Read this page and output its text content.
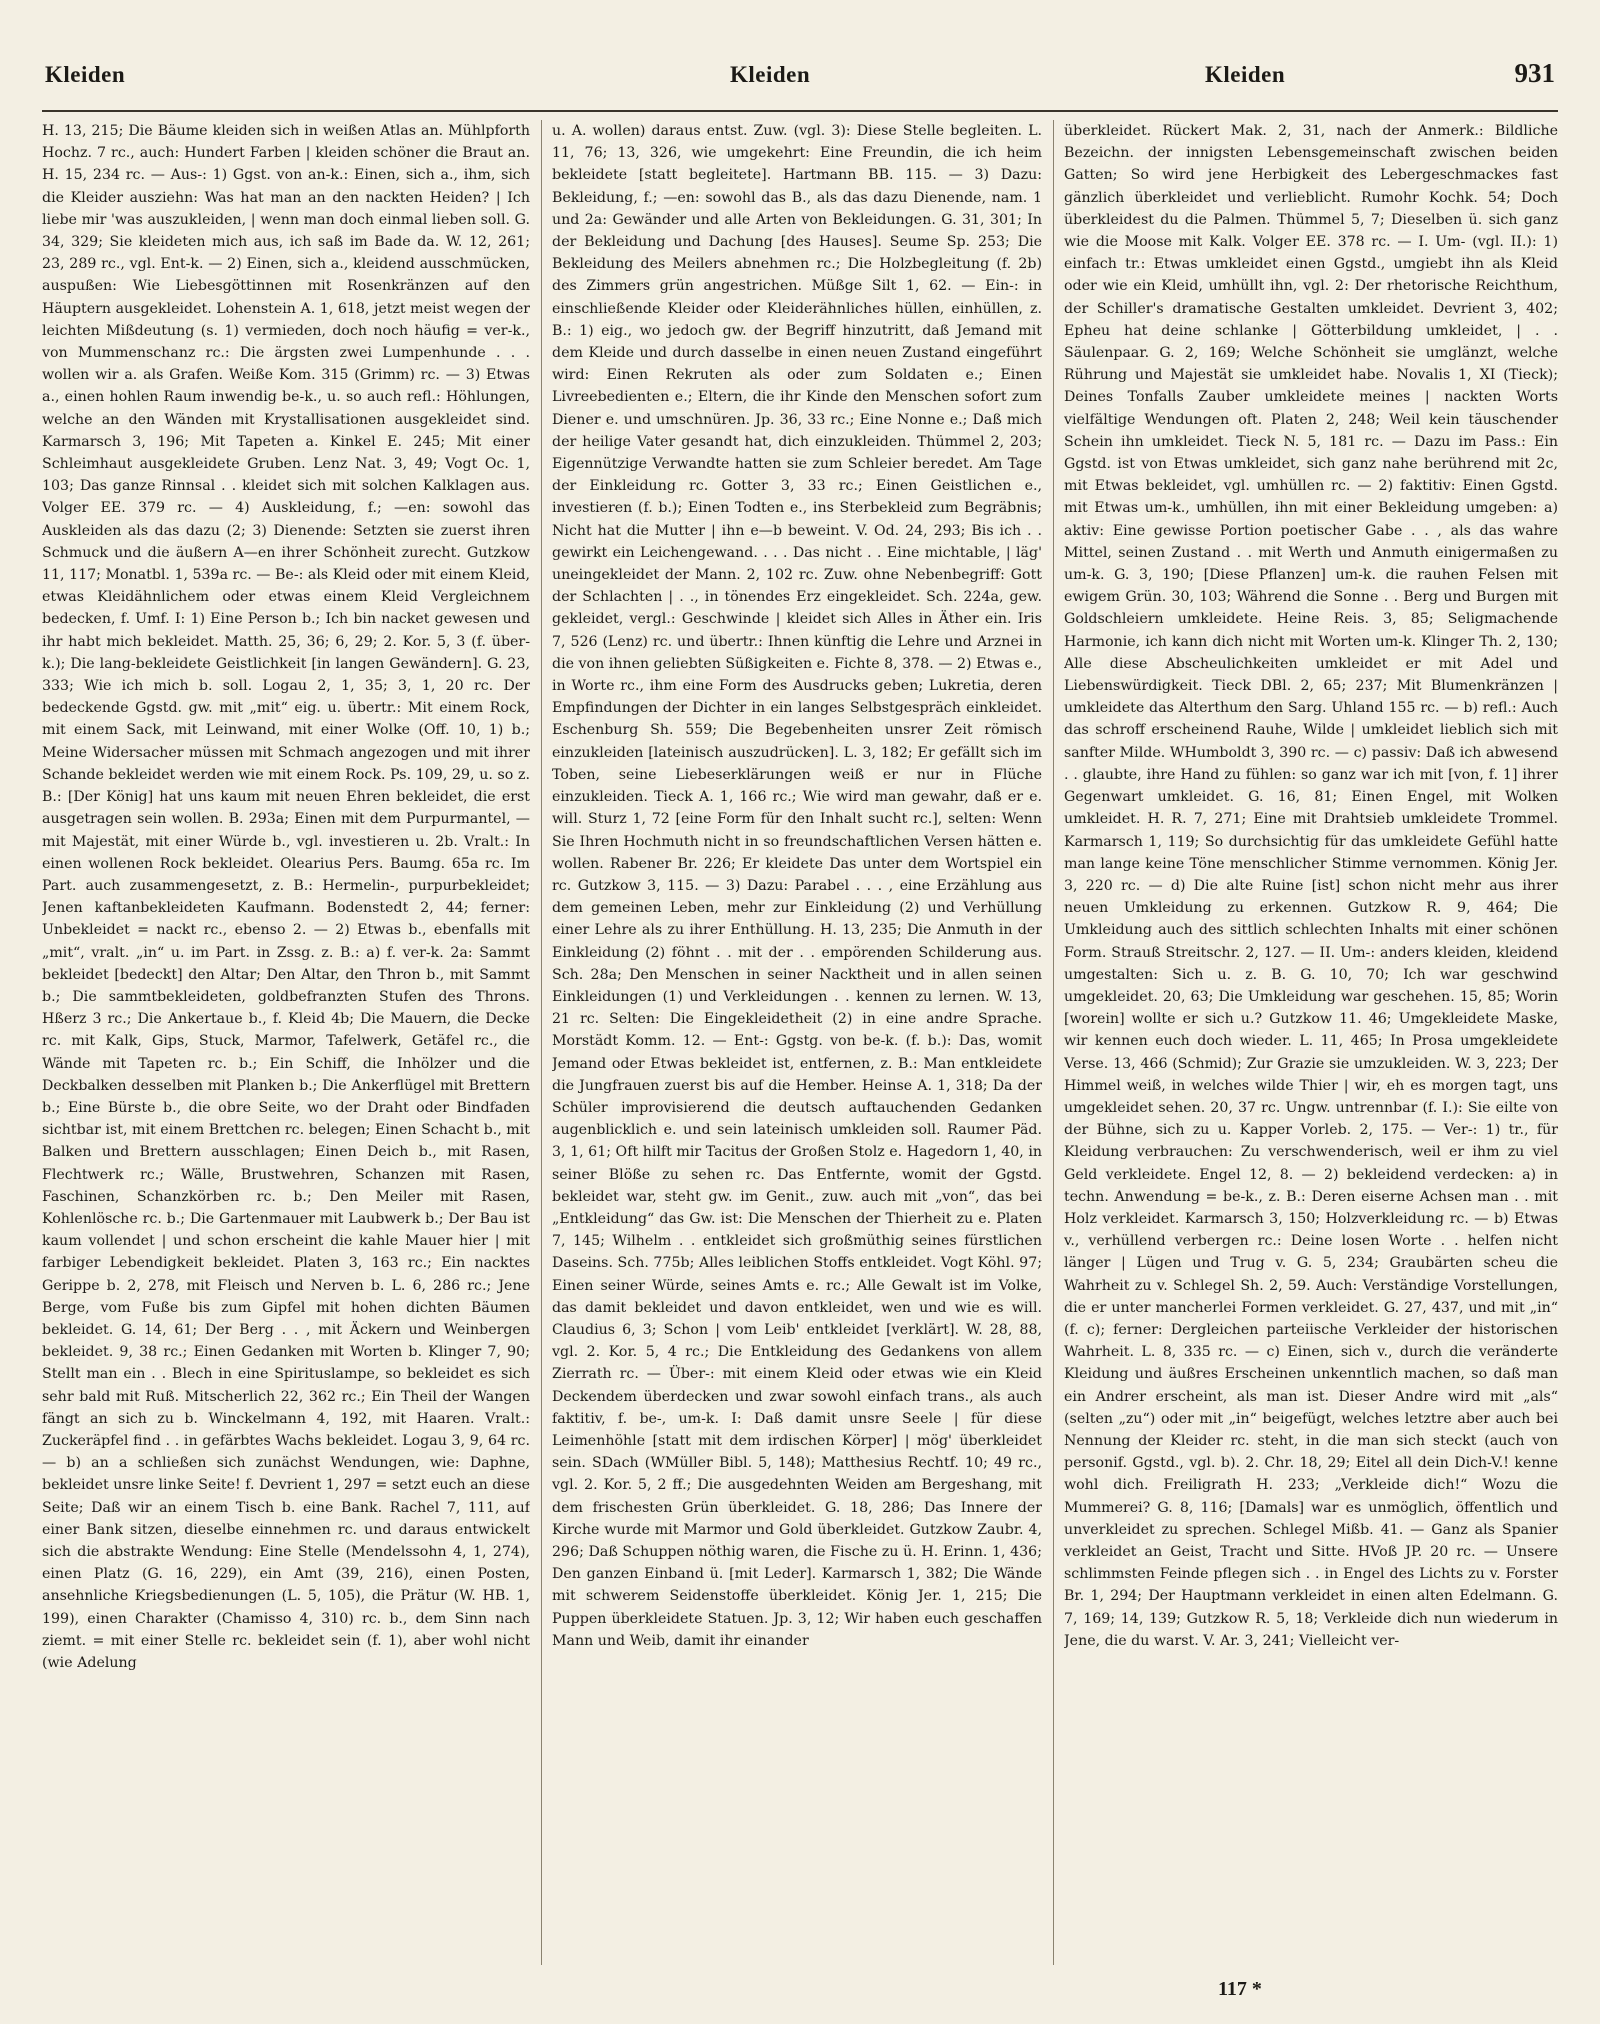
Kleiden	Kleiden	Kleiden	931

H. 13, 215; Die Bäume kleiden sich in weißen Atlas an. Mühlpforth Hochz. 7 rc., auch: Hundert Farben | kleiden schöner die Braut an. H. 15, 234 rc. — Aus-: 1) Ggst. von an-k.: Einen, sich a., ihm, sich die Kleider ausziehn: Was hat man an den nackten Heiden? | Ich liebe mir 'was auszukleiden, | wenn man doch einmal lieben soll. G. 34, 329; Sie kleideten mich aus, ich saß im Bade da. W. 12, 261; 23, 289 rc., vgl. Ent-k. — 2) Einen, sich a., kleidend ausschmücken, auspußen: Wie Liebesgöttinnen mit Rosenkränzen auf den Häuptern ausgekleidet. Lohenstein A. 1, 618, jetzt meist wegen der leichten Mißdeutung (s. 1) vermieden, doch noch häufig = ver-k., von Mummenschanz rc.: Die ärgsten zwei Lumpenhunde . . . wollen wir a. als Grafen. Weiße Kom. 315 (Grimm) rc. — 3) Etwas a., einen hohlen Raum inwendig be-k., u. so auch refl.: Höhlungen, welche an den Wänden mit Krystallisationen ausgekleidet sind. Karmarsch 3, 196; Mit Tapeten a. Kinkel E. 245; Mit einer Schleimhaut ausgekleidete Gruben. Lenz Nat. 3, 49; Vogt Oc. 1, 103; Das ganze Rinnsal . . kleidet sich mit solchen Kalklagen aus. Volger EE. 379 rc. — 4) Auskleidung, f.; —en: sowohl das Auskleiden als das dazu (2; 3) Dienende: Setzten sie zuerst ihren Schmuck und die äußern A—en ihrer Schönheit zurecht. Gutzkow 11, 117; Monatbl. 1, 539a rc. — Be-: als Kleid oder mit einem Kleid, etwas Kleidähnlichem oder etwas einem Kleid Vergleichnem bedecken, f. Umf. I: 1) Eine Person b.; Ich bin nacket gewesen und ihr habt mich bekleidet. Matth. 25, 36; 6, 29; 2. Kor. 5, 3 (f. über-k.); Die lang-bekleidete Geistlichkeit [in langen Gewändern]. G. 23, 333; Wie ich mich b. soll. Logau 2, 1, 35; 3, 1, 20 rc. Der bedeckende Ggstd. gw. mit „mit“ eig. u. übertr.: Mit einem Rock, mit einem Sack, mit Leinwand, mit einer Wolke (Off. 10, 1) b.; Meine Widersacher müssen mit Schmach angezogen und mit ihrer Schande bekleidet werden wie mit einem Rock. Ps. 109, 29, u. so z. B.: [Der König] hat uns kaum mit neuen Ehren bekleidet, die erst ausgetragen sein wollen. B. 293a; Einen mit dem Purpurmantel, — mit Majestät, mit einer Würde b., vgl. investieren u. 2b. Vralt.: In einen wollenen Rock bekleidet. Olearius Pers. Baumg. 65a rc. Im Part. auch zusammengesetzt, z. B.: Hermelin-, purpurbekleidet; Jenen kaftanbekleideten Kaufmann. Bodenstedt 2, 44; ferner: Unbekleidet = nackt rc., ebenso 2. — 2) Etwas b., ebenfalls mit „mit“, vralt. „in“ u. im Part. in Zssg. z. B.: a) f. ver-k. 2a: Sammt bekleidet [bedeckt] den Altar; Den Altar, den Thron b., mit Sammt b.; Die sammtbekleideten, goldbefranzten Stufen des Throns. Hßerz 3 rc.; Die Ankertaue b., f. Kleid 4b; Die Mauern, die Decke rc. mit Kalk, Gips, Stuck, Marmor, Tafelwerk, Getäfel rc., die Wände mit Tapeten rc. b.; Ein Schiff, die Inhölzer und die Deckbalken desselben mit Planken b.; Die Ankerflügel mit Brettern b.; Eine Bürste b., die obre Seite, wo der Draht oder Bindfaden sichtbar ist, mit einem Brettchen rc. belegen; Einen Schacht b., mit Balken und Brettern ausschlagen; Einen Deich b., mit Rasen, Flechtwerk rc.; Wälle, Brustwehren, Schanzen mit Rasen, Faschinen, Schanzkörben rc. b.; Den Meiler mit Rasen, Kohlenlösche rc. b.; Die Gartenmauer mit Laubwerk b.; Der Bau ist kaum vollendet | und schon erscheint die kahle Mauer hier | mit farbiger Lebendigkeit bekleidet. Platen 3, 163 rc.; Ein nacktes Gerippe b. 2, 278, mit Fleisch und Nerven b. L. 6, 286 rc.; Jene Berge, vom Fuße bis zum Gipfel mit hohen dichten Bäumen bekleidet. G. 14, 61; Der Berg . . , mit Äckern und Weinbergen bekleidet. 9, 38 rc.; Einen Gedanken mit Worten b. Klinger 7, 90; Stellt man ein . . Blech in eine Spirituslampe, so bekleidet es sich sehr bald mit Ruß. Mitscherlich 22, 362 rc.; Ein Theil der Wangen fängt an sich zu b. Winckelmann 4, 192, mit Haaren. Vralt.: Zuckeräpfel find . . in gefärbtes Wachs bekleidet. Logau 3, 9, 64 rc. — b) an a schließen sich zunächst Wendungen, wie: Daphne, bekleidet unsre linke Seite! f. Devrient 1, 297 = setzt euch an diese Seite; Daß wir an einem Tisch b. eine Bank. Rachel 7, 111, auf einer Bank sitzen, dieselbe einnehmen rc. und daraus entwickelt sich die abstrakte Wendung: Eine Stelle (Mendelssohn 4, 1, 274), einen Platz (G. 16, 229), ein Amt (39, 216), einen Posten, ansehnliche Kriegsbedienungen (L. 5, 105), die Prätur (W. HB. 1, 199), einen Charakter (Chamisso 4, 310) rc. b., dem Sinn nach ziemt. = mit einer Stelle rc. bekleidet sein (f. 1), aber wohl nicht (wie Adelung

u. A. wollen) daraus entst. Zuw. (vgl. 3): Diese Stelle begleiten. L. 11, 76; 13, 326, wie umgekehrt: Eine Freundin, die ich heim bekleidete [statt begleitete]. Hartmann BB. 115. — 3) Dazu: Bekleidung, f.; —en: sowohl das B., als das dazu Dienende, nam. 1 und 2a: Gewänder und alle Arten von Bekleidungen. G. 31, 301; In der Bekleidung und Dachung [des Hauses]. Seume Sp. 253; Die Bekleidung des Meilers abnehmen rc.; Die Holzbegleitung (f. 2b) des Zimmers grün angestrichen. Müßge Silt 1, 62. — Ein-: in einschließende Kleider oder Kleiderähnliches hüllen, einhüllen, z. B.: 1) eig., wo jedoch gw. der Begriff hinzutritt, daß Jemand mit dem Kleide und durch dasselbe in einen neuen Zustand eingeführt wird: Einen Rekruten als oder zum Soldaten e.; Einen Livreebedienten e.; Eltern, die ihr Kinde den Menschen sofort zum Diener e. und umschnüren. Jp. 36, 33 rc.; Eine Nonne e.; Daß mich der heilige Vater gesandt hat, dich einzukleiden. Thümmel 2, 203; Eigennützige Verwandte hatten sie zum Schleier beredet. Am Tage der Einkleidung rc. Gotter 3, 33 rc.; Einen Geistlichen e., investieren (f. b.); Einen Todten e., ins Sterbekleid zum Begräbnis; Nicht hat die Mutter | ihn e—b beweint. V. Od. 24, 293; Bis ich . . gewirkt ein Leichengewand. . . . Das nicht . . Eine michtable, | läg' uneingekleidet der Mann. 2, 102 rc. Zuw. ohne Nebenbegriff: Gott der Schlachten | . ., in tönendes Erz eingekleidet. Sch. 224a, gew. gekleidet, vergl.: Geschwinde | kleidet sich Alles in Äther ein. Iris 7, 526 (Lenz) rc. und übertr.: Ihnen künftig die Lehre und Arznei in die von ihnen geliebten Süßigkeiten e. Fichte 8, 378. — 2) Etwas e., in Worte rc., ihm eine Form des Ausdrucks geben; Lukretia, deren Empfindungen der Dichter in ein langes Selbstgespräch einkleidet. Eschenburg Sh. 559; Die Begebenheiten unsrer Zeit römisch einzukleiden [lateinisch auszudrücken]. L. 3, 182; Er gefällt sich im Toben, seine Liebeserklärungen weiß er nur in Flüche einzukleiden. Tieck A. 1, 166 rc.; Wie wird man gewahr, daß er e. will. Sturz 1, 72 [eine Form für den Inhalt sucht rc.], selten: Wenn Sie Ihren Hochmuth nicht in so freundschaftlichen Versen hätten e. wollen. Rabener Br. 226; Er kleidete Das unter dem Wortspiel ein rc. Gutzkow 3, 115. — 3) Dazu: Parabel . . . , eine Erzählung aus dem gemeinen Leben, mehr zur Einkleidung (2) und Verhüllung einer Lehre als zu ihrer Enthüllung. H. 13, 235; Die Anmuth in der Einkleidung (2) föhnt . . mit der . . empörenden Schilderung aus. Sch. 28a; Den Menschen in seiner Nacktheit und in allen seinen Einkleidungen (1) und Verkleidungen . . kennen zu lernen. W. 13, 21 rc. Selten: Die Eingekleidetheit (2) in eine andre Sprache. Morstädt Komm. 12. — Ent-: Ggstg. von be-k. (f. b.): Das, womit Jemand oder Etwas bekleidet ist, entfernen, z. B.: Man entkleidete die Jungfrauen zuerst bis auf die Hember. Heinse A. 1, 318; Da der Schüler improvisierend die deutsch auftauchenden Gedanken augenblicklich e. und sein lateinisch umkleiden soll. Raumer Päd. 3, 1, 61; Oft hilft mir Tacitus der Großen Stolz e. Hagedorn 1, 40, in seiner Blöße zu sehen rc. Das Entfernte, womit der Ggstd. bekleidet war, steht gw. im Genit., zuw. auch mit „von“, das bei „Entkleidung“ das Gw. ist: Die Menschen der Thierheit zu e. Platen 7, 145; Wilhelm . . entkleidet sich großmüthig seines fürstlichen Daseins. Sch. 775b; Alles leiblichen Stoffs entkleidet. Vogt Köhl. 97; Einen seiner Würde, seines Amts e. rc.; Alle Gewalt ist im Volke, das damit bekleidet und davon entkleidet, wen und wie es will. Claudius 6, 3; Schon | vom Leib' entkleidet [verklärt]. W. 28, 88, vgl. 2. Kor. 5, 4 rc.; Die Entkleidung des Gedankens von allem Zierrath rc. — Über-: mit einem Kleid oder etwas wie ein Kleid Deckendem überdecken und zwar sowohl einfach trans., als auch faktitiv, f. be-, um-k. I: Daß damit unsre Seele | für diese Leimenhöhle [statt mit dem irdischen Körper] | mög' überkleidet sein. SDach (WMüller Bibl. 5, 148); Matthesius Rechtf. 10; 49 rc., vgl. 2. Kor. 5, 2 ff.; Die ausgedehnten Weiden am Bergeshang, mit dem frischesten Grün überkleidet. G. 18, 286; Das Innere der Kirche wurde mit Marmor und Gold überkleidet. Gutzkow Zaubr. 4, 296; Daß Schuppen nöthig waren, die Fische zu ü. H. Erinn. 1, 436; Den ganzen Einband ü. [mit Leder]. Karmarsch 1, 382; Die Wände mit schwerem Seidenstoffe überkleidet. König Jer. 1, 215; Die Puppen überkleidete Statuen. Jp. 3, 12; Wir haben euch geschaffen Mann und Weib, damit ihr einander

überkleidet. Rückert Mak. 2, 31, nach der Anmerk.: Bildliche Bezeichn. der innigsten Lebensgemeinschaft zwischen beiden Gatten; So wird jene Herbigkeit des Lebergeschmackes fast gänzlich überkleidet und verlieblicht. Rumohr Kochk. 54; Doch überkleidest du die Palmen. Thümmel 5, 7; Dieselben ü. sich ganz wie die Moose mit Kalk. Volger EE. 378 rc. — I. Um- (vgl. II.): 1) einfach tr.: Etwas umkleidet einen Ggstd., umgiebt ihn als Kleid oder wie ein Kleid, umhüllt ihn, vgl. 2: Der rhetorische Reichthum, der Schiller's dramatische Gestalten umkleidet. Devrient 3, 402; Epheu hat deine schlanke | Götterbildung umkleidet, | . . Säulenpaar. G. 2, 169; Welche Schönheit sie umglänzt, welche Rührung und Majestät sie umkleidet habe. Novalis 1, XI (Tieck); Deines Tonfalls Zauber umkleidete meines | nackten Worts vielfältige Wendungen oft. Platen 2, 248; Weil kein täuschender Schein ihn umkleidet. Tieck N. 5, 181 rc. — Dazu im Pass.: Ein Ggstd. ist von Etwas umkleidet, sich ganz nahe berührend mit 2c, mit Etwas bekleidet, vgl. umhüllen rc. — 2) faktitiv: Einen Ggstd. mit Etwas um-k., umhüllen, ihn mit einer Bekleidung umgeben: a) aktiv: Eine gewisse Portion poetischer Gabe . . , als das wahre Mittel, seinen Zustand . . mit Werth und Anmuth einigermaßen zu um-k. G. 3, 190; [Diese Pflanzen] um-k. die rauhen Felsen mit ewigem Grün. 30, 103; Während die Sonne . . Berg und Burgen mit Goldschleiern umkleidete. Heine Reis. 3, 85; Seligmachende Harmonie, ich kann dich nicht mit Worten um-k. Klinger Th. 2, 130; Alle diese Abscheulichkeiten umkleidet er mit Adel und Liebenswürdigkeit. Tieck DBl. 2, 65; 237; Mit Blumenkränzen | umkleidete das Alterthum den Sarg. Uhland 155 rc. — b) refl.: Auch das schroff erscheinend Rauhe, Wilde | umkleidet lieblich sich mit sanfter Milde. WHumboldt 3, 390 rc. — c) passiv: Daß ich abwesend . . glaubte, ihre Hand zu fühlen: so ganz war ich mit [von, f. 1] ihrer Gegenwart umkleidet. G. 16, 81; Einen Engel, mit Wolken umkleidet. H. R. 7, 271; Eine mit Drahtsieb umkleidete Trommel. Karmarsch 1, 119; So durchsichtig für das umkleidete Gefühl hatte man lange keine Töne menschlicher Stimme vernommen. König Jer. 3, 220 rc. — d) Die alte Ruine [ist] schon nicht mehr aus ihrer neuen Umkleidung zu erkennen. Gutzkow R. 9, 464; Die Umkleidung auch des sittlich schlechten Inhalts mit einer schönen Form. Strauß Streitschr. 2, 127. — II. Um-: anders kleiden, kleidend umgestalten: Sich u. z. B. G. 10, 70; Ich war geschwind umgekleidet. 20, 63; Die Umkleidung war geschehen. 15, 85; Worin [worein] wollte er sich u.? Gutzkow 11. 46; Umgekleidete Maske, wir kennen euch doch wieder. L. 11, 465; In Prosa umgekleidete Verse. 13, 466 (Schmid); Zur Grazie sie umzukleiden. W. 3, 223; Der Himmel weiß, in welches wilde Thier | wir, eh es morgen tagt, uns umgekleidet sehen. 20, 37 rc. Ungw. untrennbar (f. I.): Sie eilte von der Bühne, sich zu u. Kapper Vorleb. 2, 175. — Ver-: 1) tr., für Kleidung verbrauchen: Zu verschwenderisch, weil er ihm zu viel Geld verkleidete. Engel 12, 8. — 2) bekleidend verdecken: a) in techn. Anwendung = be-k., z. B.: Deren eiserne Achsen man . . mit Holz verkleidet. Karmarsch 3, 150; Holzverkleidung rc. — b) Etwas v., verhüllend verbergen rc.: Deine losen Worte . . helfen nicht länger | Lügen und Trug v. G. 5, 234; Graubärten scheu die Wahrheit zu v. Schlegel Sh. 2, 59. Auch: Verständige Vorstellungen, die er unter mancherlei Formen verkleidet. G. 27, 437, und mit „in“ (f. c); ferner: Dergleichen parteiische Verkleider der historischen Wahrheit. L. 8, 335 rc. — c) Einen, sich v., durch die veränderte Kleidung und äußres Erscheinen unkenntlich machen, so daß man ein Andrer erscheint, als man ist. Dieser Andre wird mit „als“ (selten „zu“) oder mit „in“ beigefügt, welches letztre aber auch bei Nennung der Kleider rc. steht, in die man sich steckt (auch von personif. Ggstd., vgl. b). 2. Chr. 18, 29; Eitel all dein Dich-V.! kenne wohl dich. Freiligrath H. 233; „Verkleide dich!“ Wozu die Mummerei? G. 8, 116; [Damals] war es unmöglich, öffentlich und unverkleidet zu sprechen. Schlegel Mißb. 41. — Ganz als Spanier verkleidet an Geist, Tracht und Sitte. HVoß JP. 20 rc. — Unsere schlimmsten Feinde pflegen sich . . in Engel des Lichts zu v. Forster Br. 1, 294; Der Hauptmann verkleidet in einen alten Edelmann. G. 7, 169; 14, 139; Gutzkow R. 5, 18; Verkleide dich nun wiederum in Jene, die du warst. V. Ar. 3, 241; Vielleicht ver-

117 *
